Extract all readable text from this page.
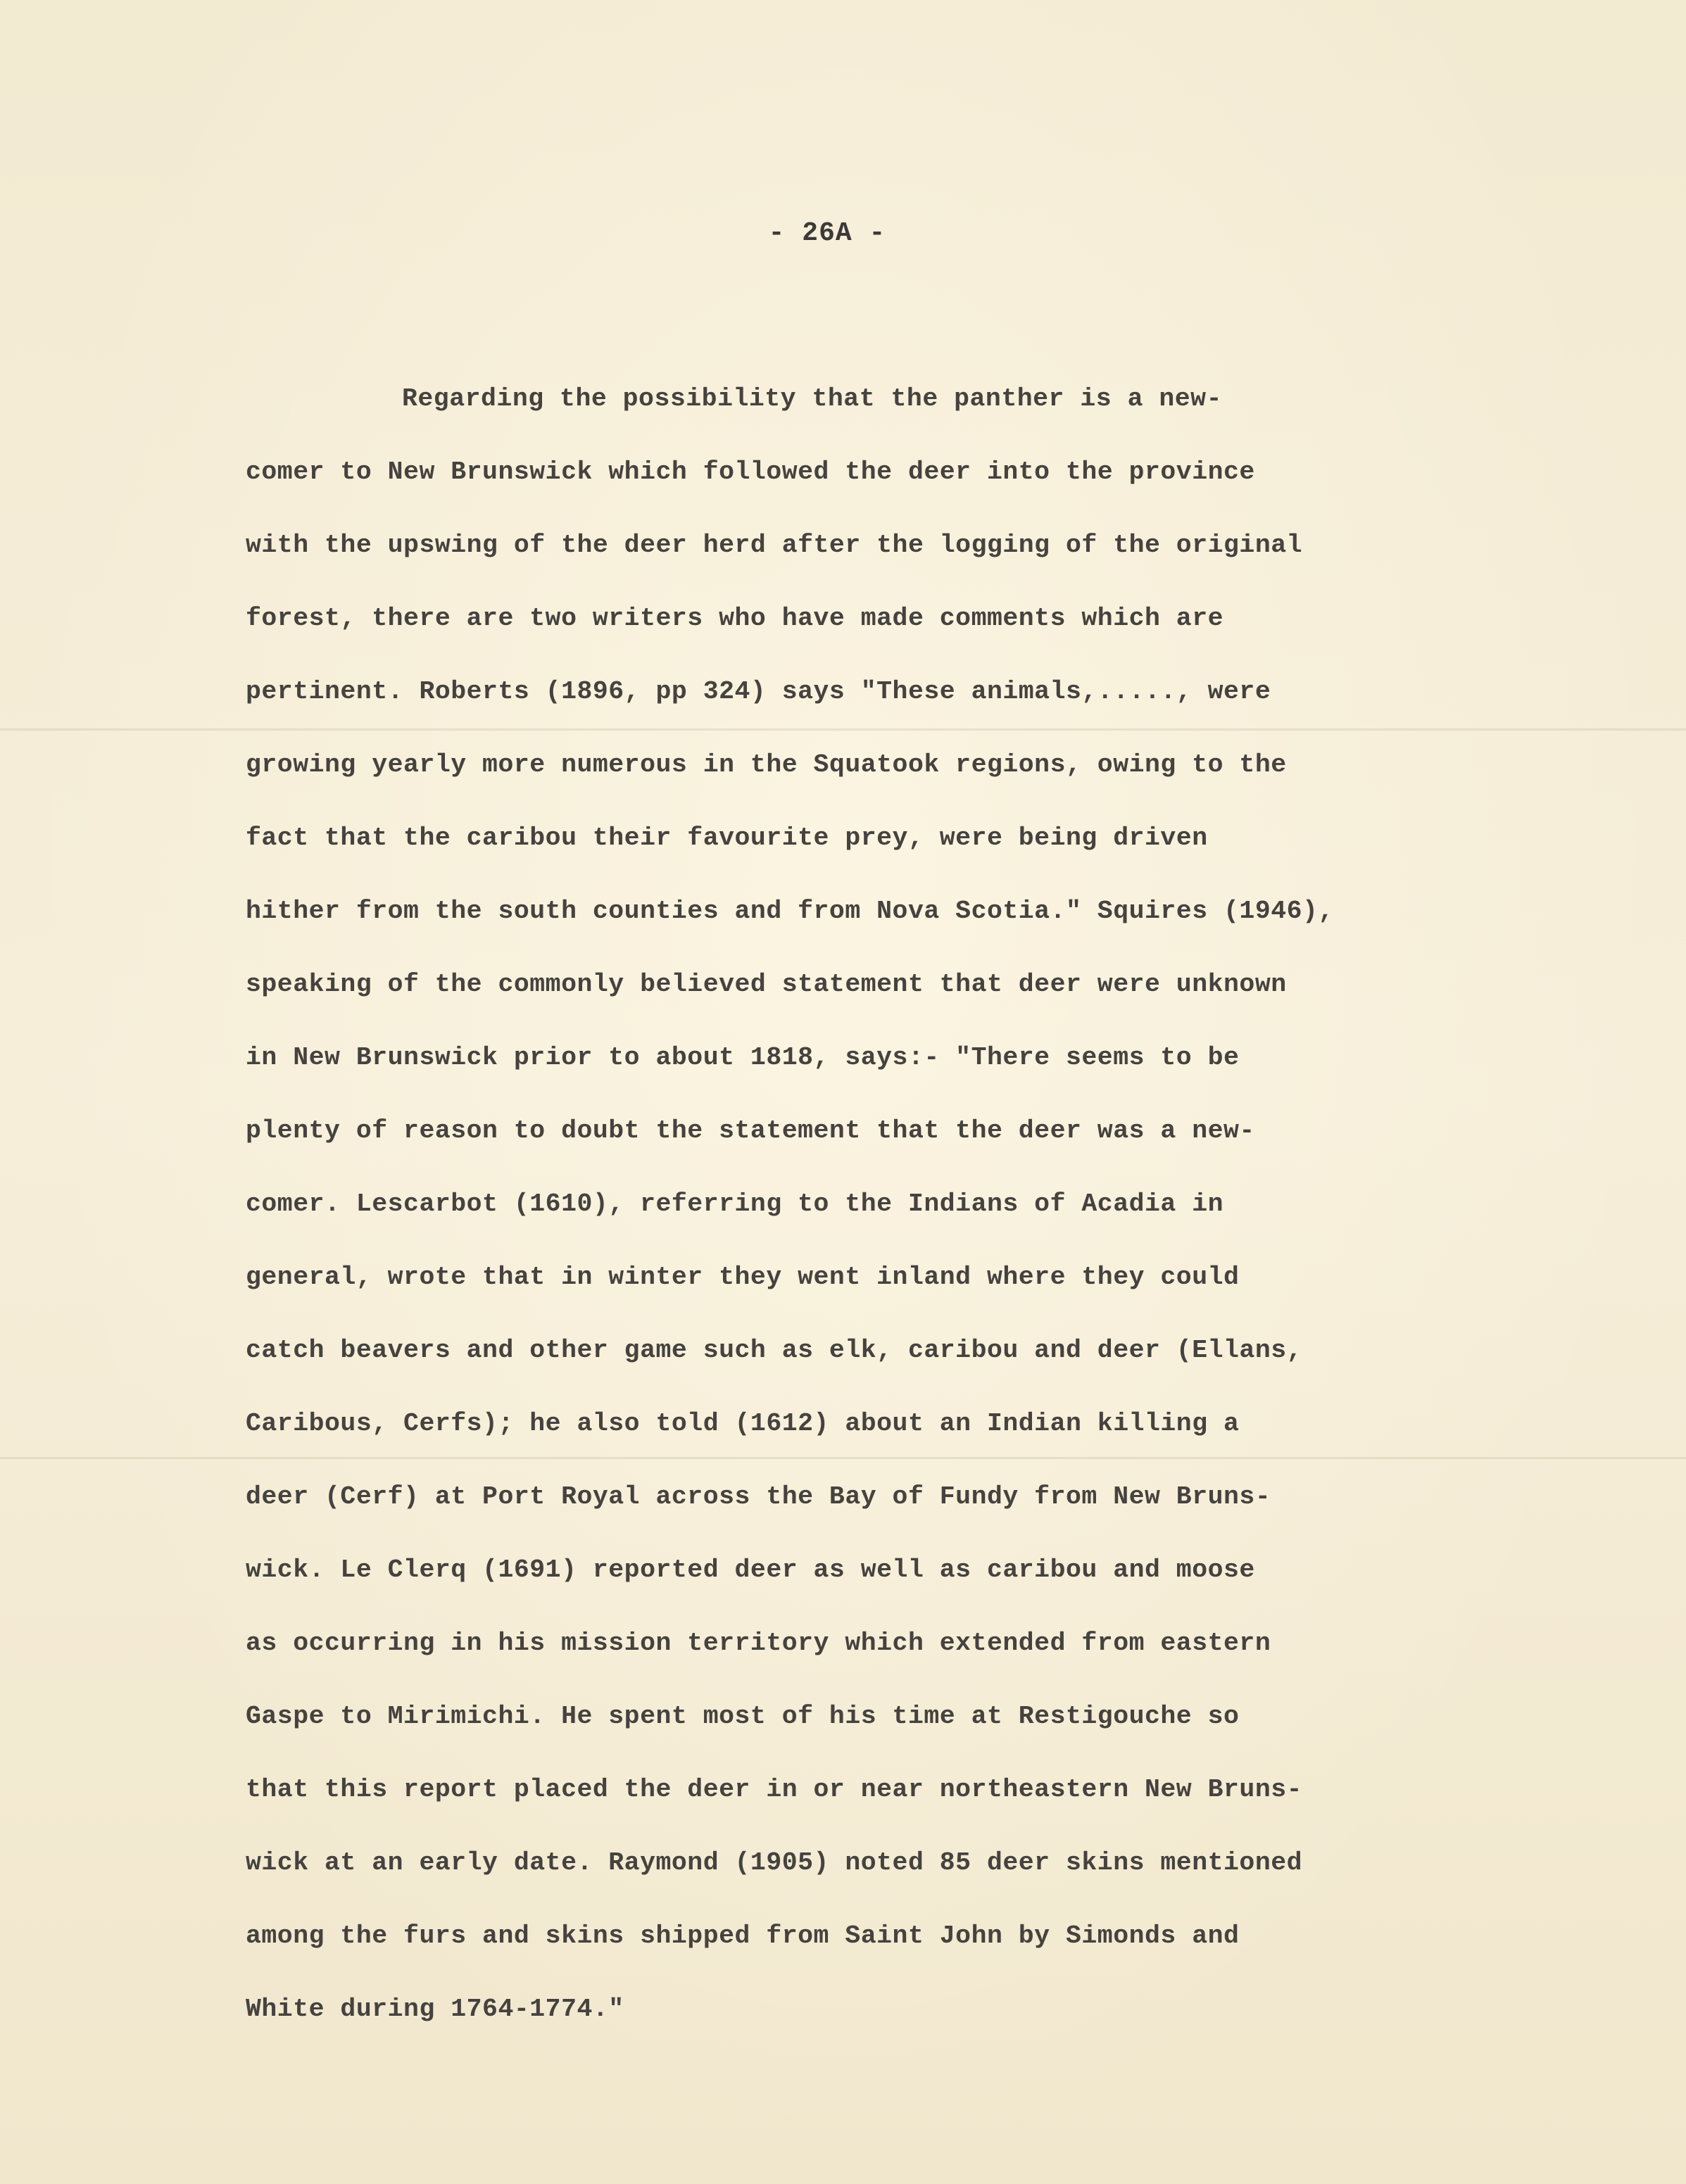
- 26A -
Regarding the possibility that the panther is a new-
comer to New Brunswick which followed the deer into the province
with the upswing of the deer herd after the logging of the original
forest, there are two writers who have made comments which are
pertinent. Roberts (1896, pp 324) says "These animals,....., were
growing yearly more numerous in the Squatook regions, owing to the
fact that the caribou their favourite prey, were being driven
hither from the south counties and from Nova Scotia." Squires (1946),
speaking of the commonly believed statement that deer were unknown
in New Brunswick prior to about 1818, says:- "There seems to be
plenty of reason to doubt the statement that the deer was a new-
comer. Lescarbot (1610), referring to the Indians of Acadia in
general, wrote that in winter they went inland where they could
catch beavers and other game such as elk, caribou and deer (Ellans,
Caribous, Cerfs); he also told (1612) about an Indian killing a
deer (Cerf) at Port Royal across the Bay of Fundy from New Bruns-
wick. Le Clerq (1691) reported deer as well as caribou and moose
as occurring in his mission territory which extended from eastern
Gaspe to Mirimichi. He spent most of his time at Restigouche so
that this report placed the deer in or near northeastern New Bruns-
wick at an early date. Raymond (1905) noted 85 deer skins mentioned
among the furs and skins shipped from Saint John by Simonds and
White during 1764-1774."
